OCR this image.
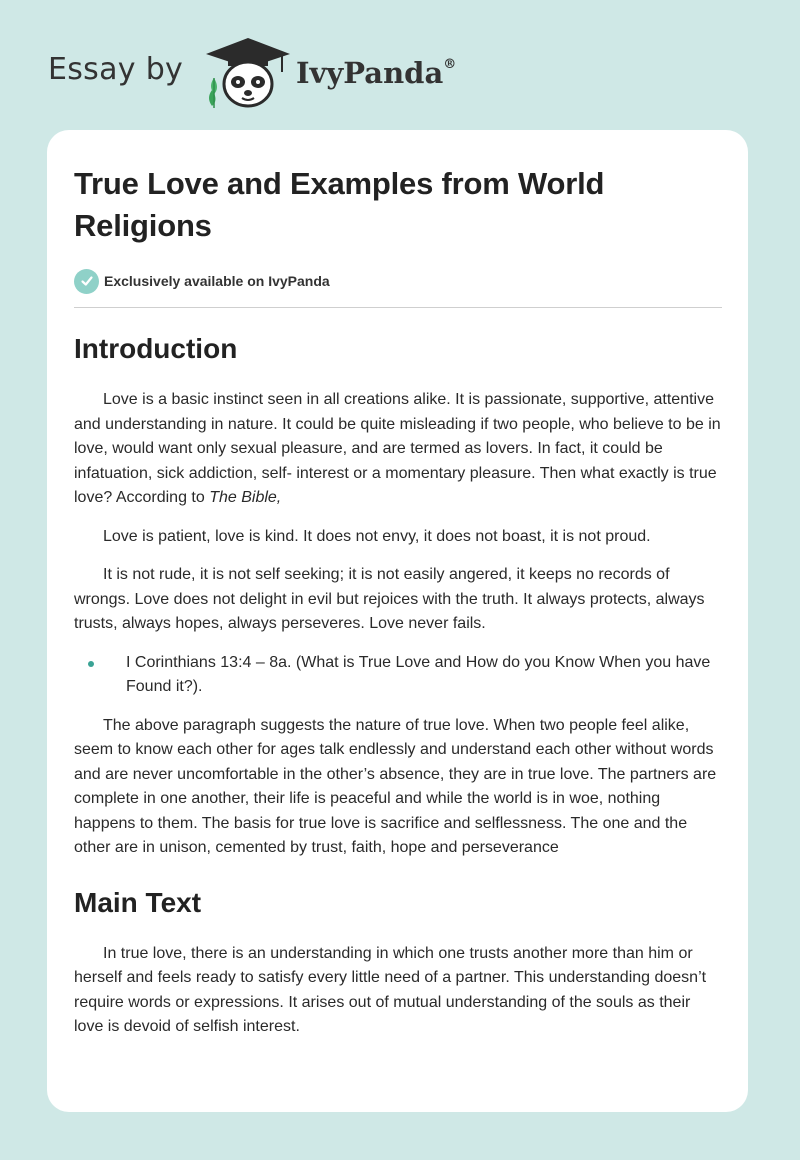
Essay by	IvyPanda®
True Love and Examples from World Religions
Exclusively available on IvyPanda
Introduction

Love is a basic instinct seen in all creations alike. It is passionate, supportive, attentive and understanding in nature. It could be quite misleading if two people, who believe to be in love, would want only sexual pleasure, and are termed as lovers. In fact, it could be infatuation, sick addiction, self- interest or a momentary pleasure. Then what exactly is true love? According to The Bible,

Love is patient, love is kind. It does not envy, it does not boast, it is not proud.

It is not rude, it is not self seeking; it is not easily angered, it keeps no records of wrongs. Love does not delight in evil but rejoices with the truth. It always protects, always trusts, always hopes, always perseveres. Love never fails.

I Corinthians 13:4 – 8a. (What is True Love and How do you Know When you have Found it?).

The above paragraph suggests the nature of true love. When two people feel alike, seem to know each other for ages talk endlessly and understand each other without words and are never uncomfortable in the other’s absence, they are in true love. The partners are complete in one another, their life is peaceful and while the world is in woe, nothing happens to them. The basis for true love is sacrifice and selflessness. The one and the other are in unison, cemented by trust, faith, hope and perseverance

Main Text

In true love, there is an understanding in which one trusts another more than him or herself and feels ready to satisfy every little need of a partner. This understanding doesn’t require words or expressions. It arises out of mutual understanding of the souls as their love is devoid of selfish interest.
